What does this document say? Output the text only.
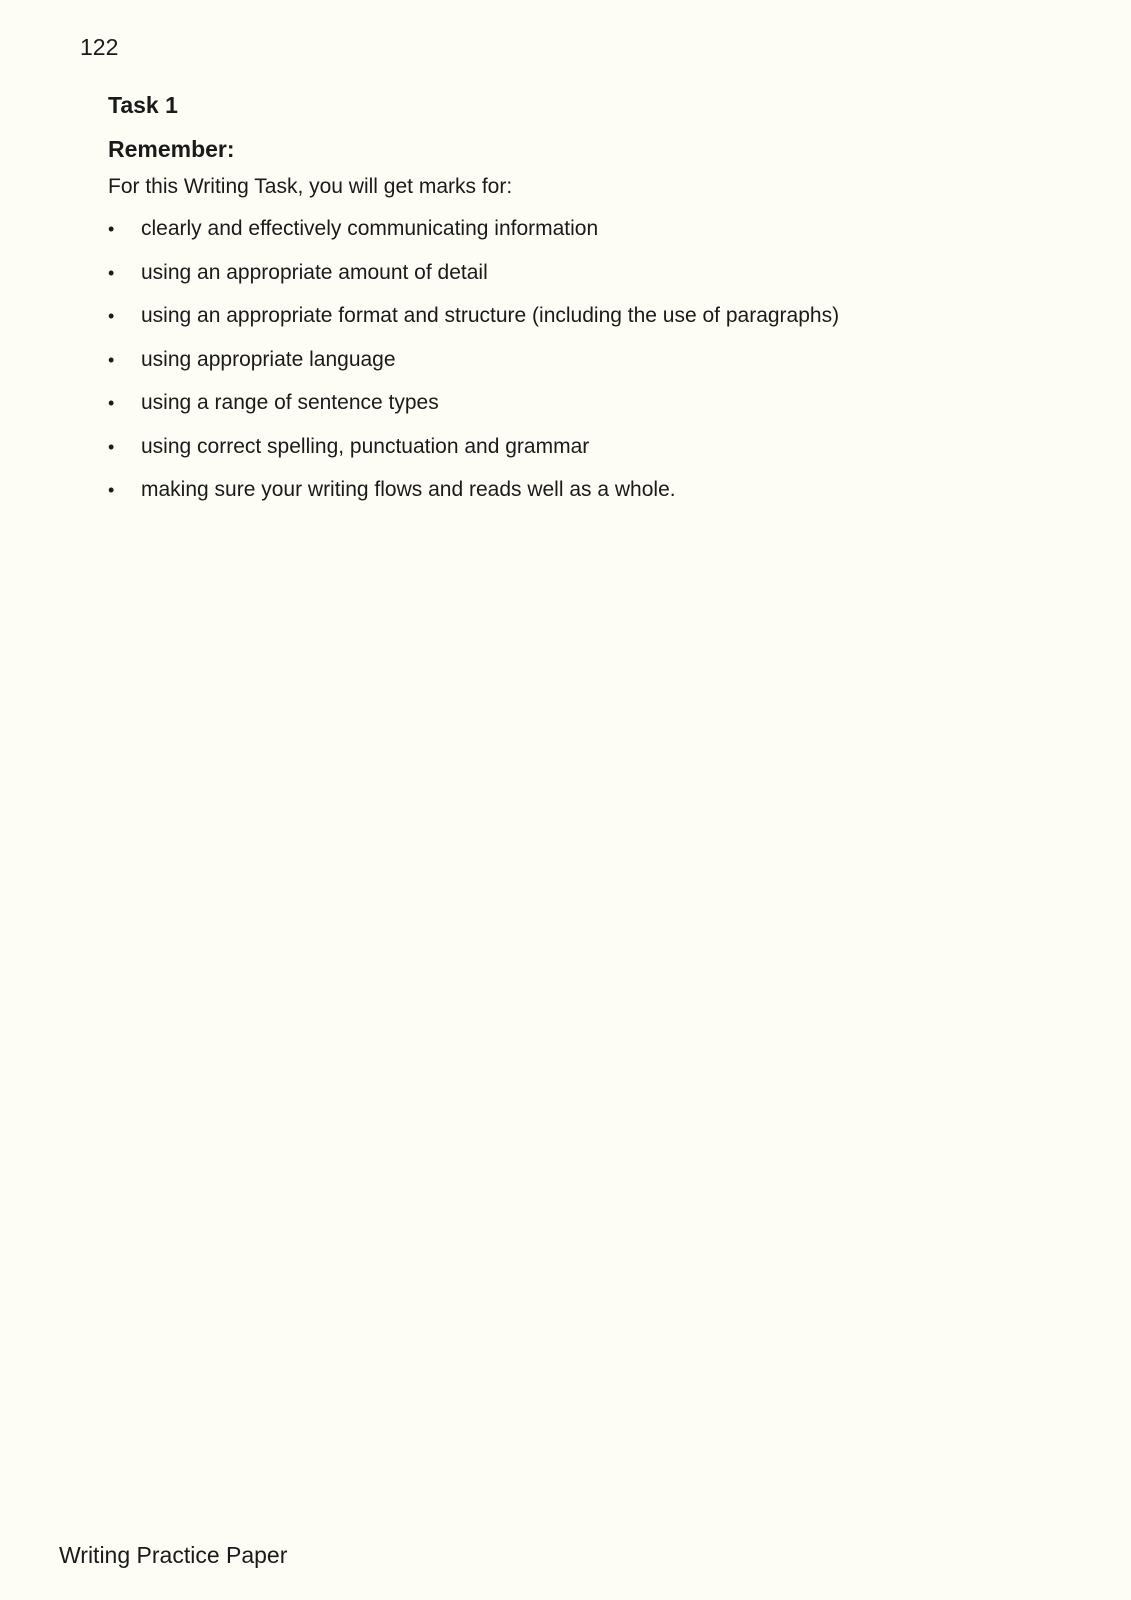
122
Task 1
Remember:

For this Writing Task, you will get marks for:

• clearly and effectively communicating information
• using an appropriate amount of detail
• using an appropriate format and structure (including the use of paragraphs)
• using appropriate language
• using a range of sentence types
• using correct spelling, punctuation and grammar
• making sure your writing flows and reads well as a whole.
Writing Practice Paper
